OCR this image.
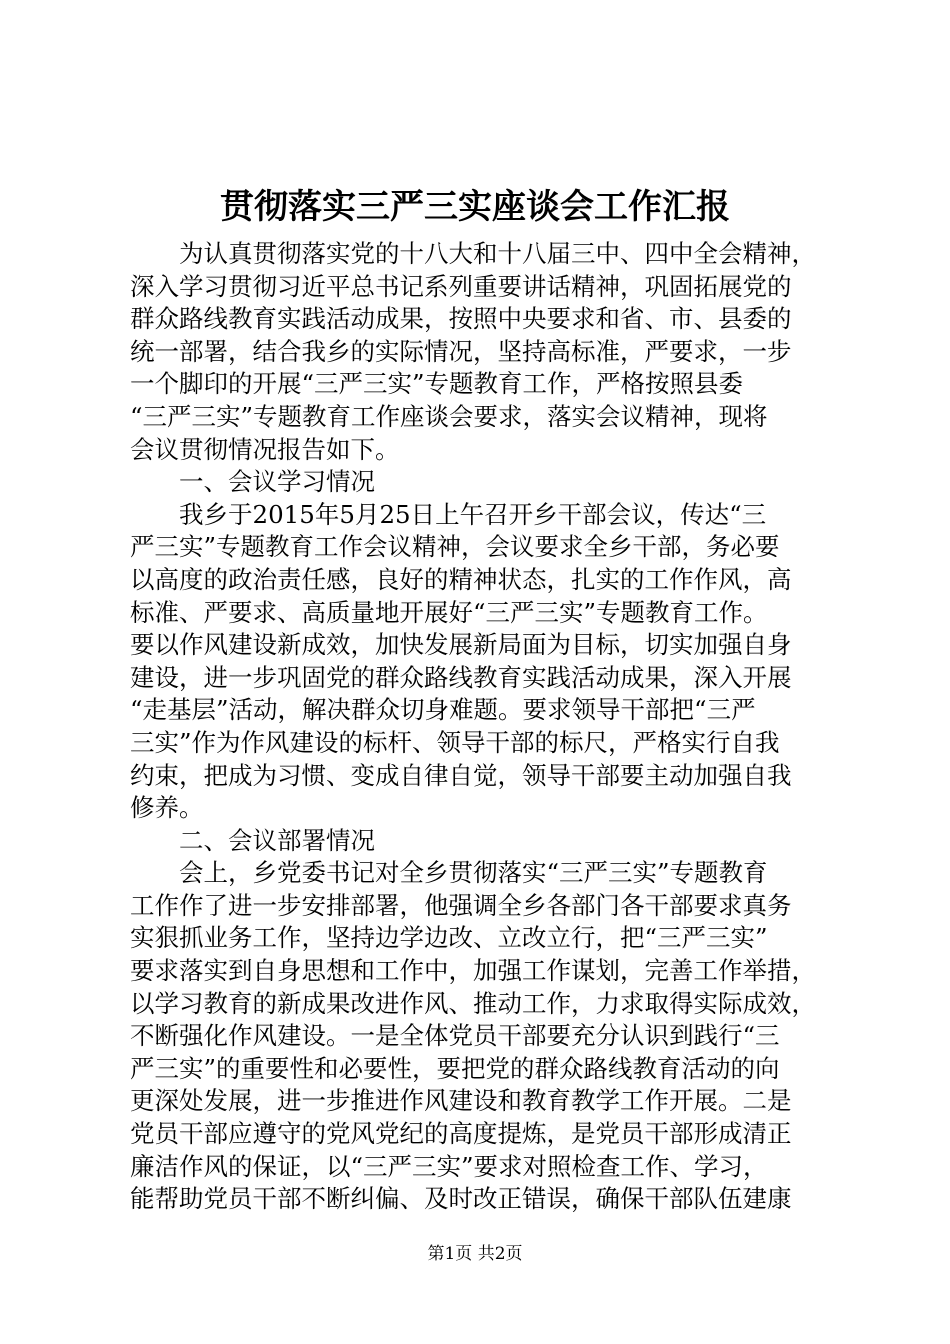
贯彻落实三严三实座谈会工作汇报
为认真贯彻落实党的十八大和十八届三中、四中全会精神，
深入学习贯彻习近平总书记系列重要讲话精神，巩固拓展党的
群众路线教育实践活动成果，按照中央要求和省、市、县委的
统一部署，结合我乡的实际情况，坚持高标准，严要求，一步
一个脚印的开展“三严三实”专题教育工作，严格按照县委
“三严三实”专题教育工作座谈会要求，落实会议精神，现将
会议贯彻情况报告如下。
一、会议学习情况
我乡于2015年5月25日上午召开乡干部会议，传达“三
严三实”专题教育工作会议精神，会议要求全乡干部，务必要
以高度的政治责任感，良好的精神状态，扎实的工作作风，高
标准、严要求、高质量地开展好“三严三实”专题教育工作。
要以作风建设新成效，加快发展新局面为目标，切实加强自身
建设，进一步巩固党的群众路线教育实践活动成果，深入开展
“走基层”活动，解决群众切身难题。要求领导干部把“三严
三实”作为作风建设的标杆、领导干部的标尺，严格实行自我
约束，把成为习惯、变成自律自觉，领导干部要主动加强自我
修养。
二、会议部署情况
会上，乡党委书记对全乡贯彻落实“三严三实”专题教育
工作作了进一步安排部署，他强调全乡各部门各干部要求真务
实狠抓业务工作，坚持边学边改、立改立行，把“三严三实”
要求落实到自身思想和工作中，加强工作谋划，完善工作举措，
以学习教育的新成果改进作风、推动工作，力求取得实际成效，
不断强化作风建设。一是全体党员干部要充分认识到践行“三
严三实”的重要性和必要性，要把党的群众路线教育活动的向
更深处发展，进一步推进作风建设和教育教学工作开展。二是
党员干部应遵守的党风党纪的高度提炼，是党员干部形成清正
廉洁作风的保证，以“三严三实”要求对照检查工作、学习，
能帮助党员干部不断纠偏、及时改正错误，确保干部队伍建康
第1页 共2页
